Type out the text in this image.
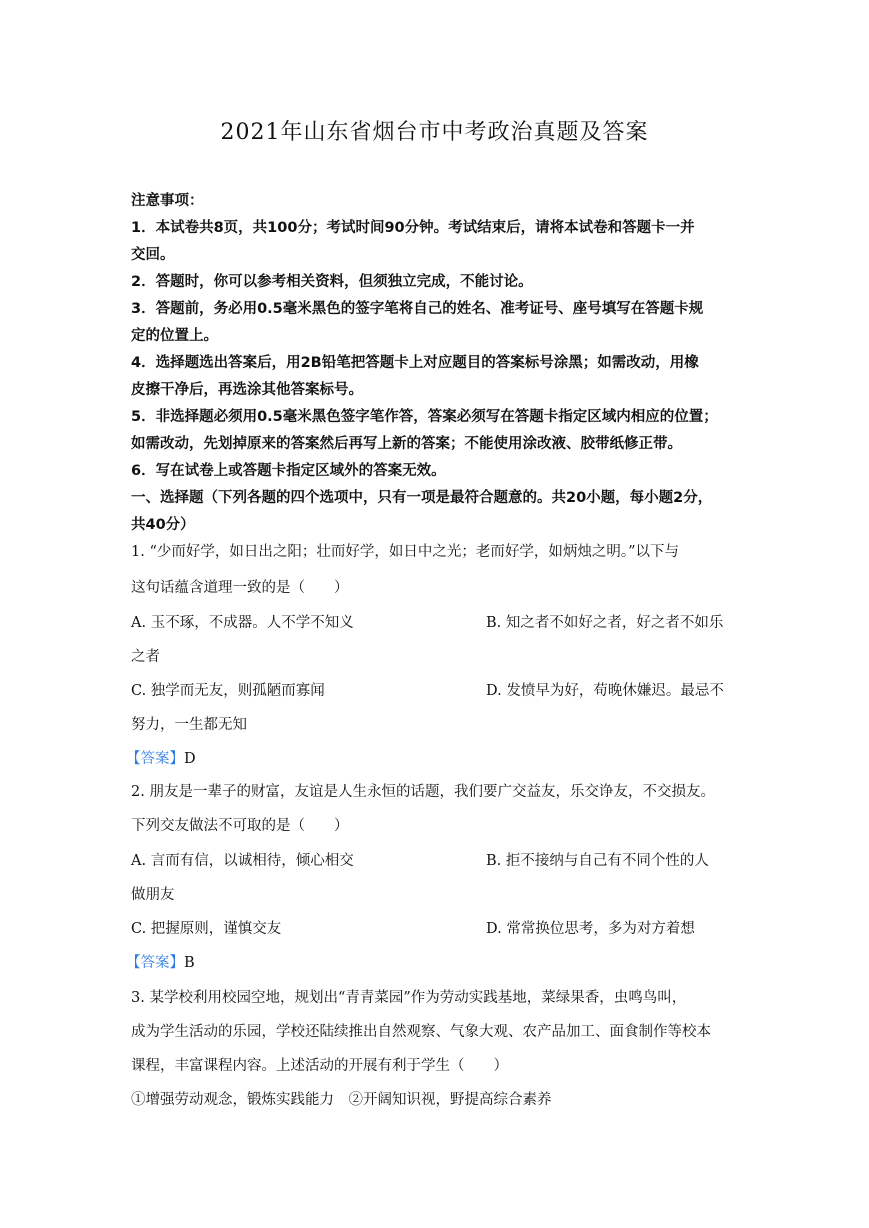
2021年山东省烟台市中考政治真题及答案

注意事项：

1．本试卷共8页，共100分；考试时间90分钟。考试结束后，请将本试卷和答题卡一并

交回。

2．答题时，你可以参考相关资料，但须独立完成，不能讨论。

3．答题前，务必用0.5毫米黑色的签字笔将自己的姓名、准考证号、座号填写在答题卡规

定的位置上。

4．选择题选出答案后，用2B铅笔把答题卡上对应题目的答案标号涂黑；如需改动，用橡

皮擦干净后，再选涂其他答案标号。

5．非选择题必须用0.5毫米黑色签字笔作答，答案必须写在答题卡指定区域内相应的位置；

如需改动，先划掉原来的答案然后再写上新的答案；不能使用涂改液、胶带纸修正带。

6．写在试卷上或答题卡指定区域外的答案无效。

一、选择题（下列各题的四个选项中，只有一项是最符合题意的。共20小题，每小题2分，

共40分）

1. “少而好学，如日出之阳；壮而好学，如日中之光；老而好学，如炳烛之明。”以下与

这句话蕴含道理一致的是（　　）

A. 玉不琢，不成器。人不学不知义	B. 知之者不如好之者，好之者不如乐
之者
C. 独学而无友，则孤陋而寡闻	D. 发愤早为好，苟晚休嫌迟。最忌不
努力，一生都无知
【答案】D

2. 朋友是一辈子的财富，友谊是人生永恒的话题，我们要广交益友，乐交诤友，不交损友。

下列交友做法不可取的是（　　）

A. 言而有信，以诚相待，倾心相交	B. 拒不接纳与自己有不同个性的人
做朋友
C. 把握原则，谨慎交友	D. 常常换位思考，多为对方着想
【答案】B

3. 某学校利用校园空地，规划出“青青菜园”作为劳动实践基地，菜绿果香，虫鸣鸟叫，

成为学生活动的乐园，学校还陆续推出自然观察、气象大观、农产品加工、面食制作等校本

课程，丰富课程内容。上述活动的开展有利于学生（　　）

①增强劳动观念，锻炼实践能力　②开阔知识视，野提高综合素养
